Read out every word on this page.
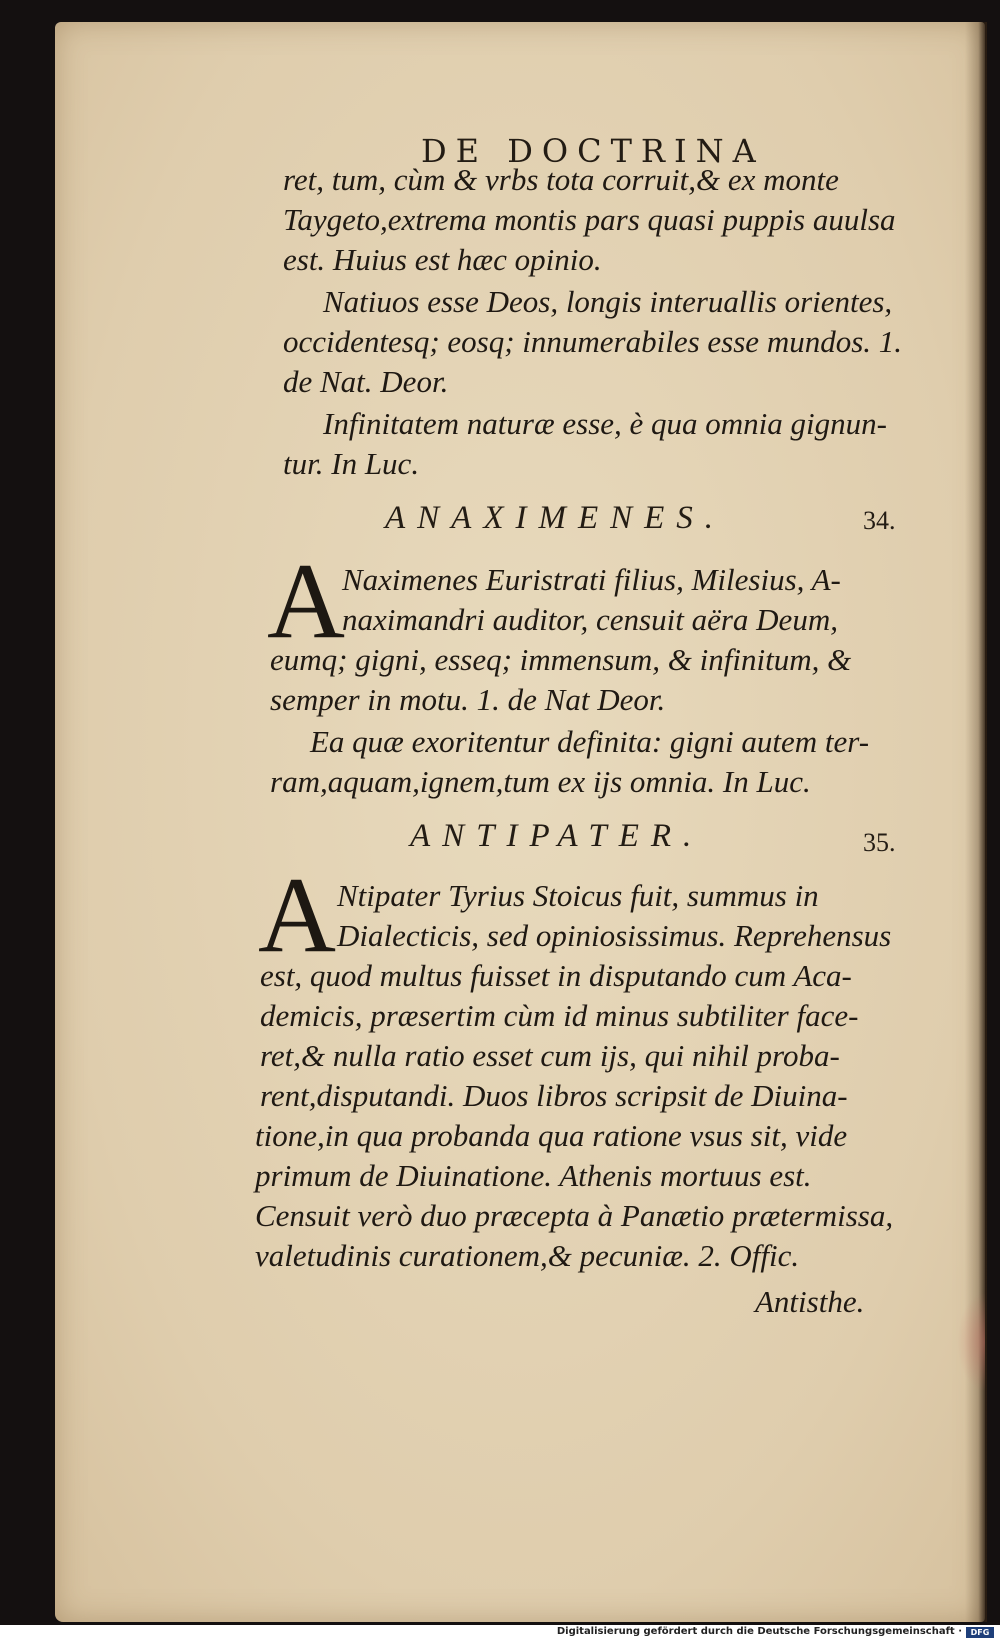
DE DOCTRINA
ret, tum, cùm & vrbs tota corruit,& ex monte
Taygeto,extrema montis pars quasi puppis auulsa
est. Huius est hæc opinio.
Natiuos esse Deos, longis interuallis orientes,
occidentesq; eosq; innumerabiles esse mundos. 1.
de Nat. Deor.
Infinitatem naturæ esse, è qua omnia gignun-
tur. In Luc.
ANAXIMENES.	34.
A
Naximenes Euristrati filius, Milesius, A-
naximandri auditor, censuit aëra Deum,
eumq; gigni, esseq; immensum, & infinitum, &
semper in motu. 1. de Nat Deor.
Ea quæ exoritentur definita: gigni autem ter-
ram,aquam,ignem,tum ex ijs omnia. In Luc.
ANTIPATER.	35.
A Ntipater Tyrius Stoicus fuit, summus in
Dialecticis, sed opiniosissimus. Reprehensus
est, quod multus fuisset in disputando cum Aca-
demicis, præsertim cùm id minus subtiliter face-
ret,& nulla ratio esset cum ijs, qui nihil proba-
rent,disputandi. Duos libros scripsit de Diuina-
tione,in qua probanda qua ratione vsus sit, vide
primum de Diuinatione. Athenis mortuus est.
Censuit verò duo præcepta à Panætio prætermissa,
valetudinis curationem,& pecuniæ. 2. Offic.
Antisthe.
Digitalisierung gefördert durch die Deutsche Forschungsgemeinschaft ·	DFG
